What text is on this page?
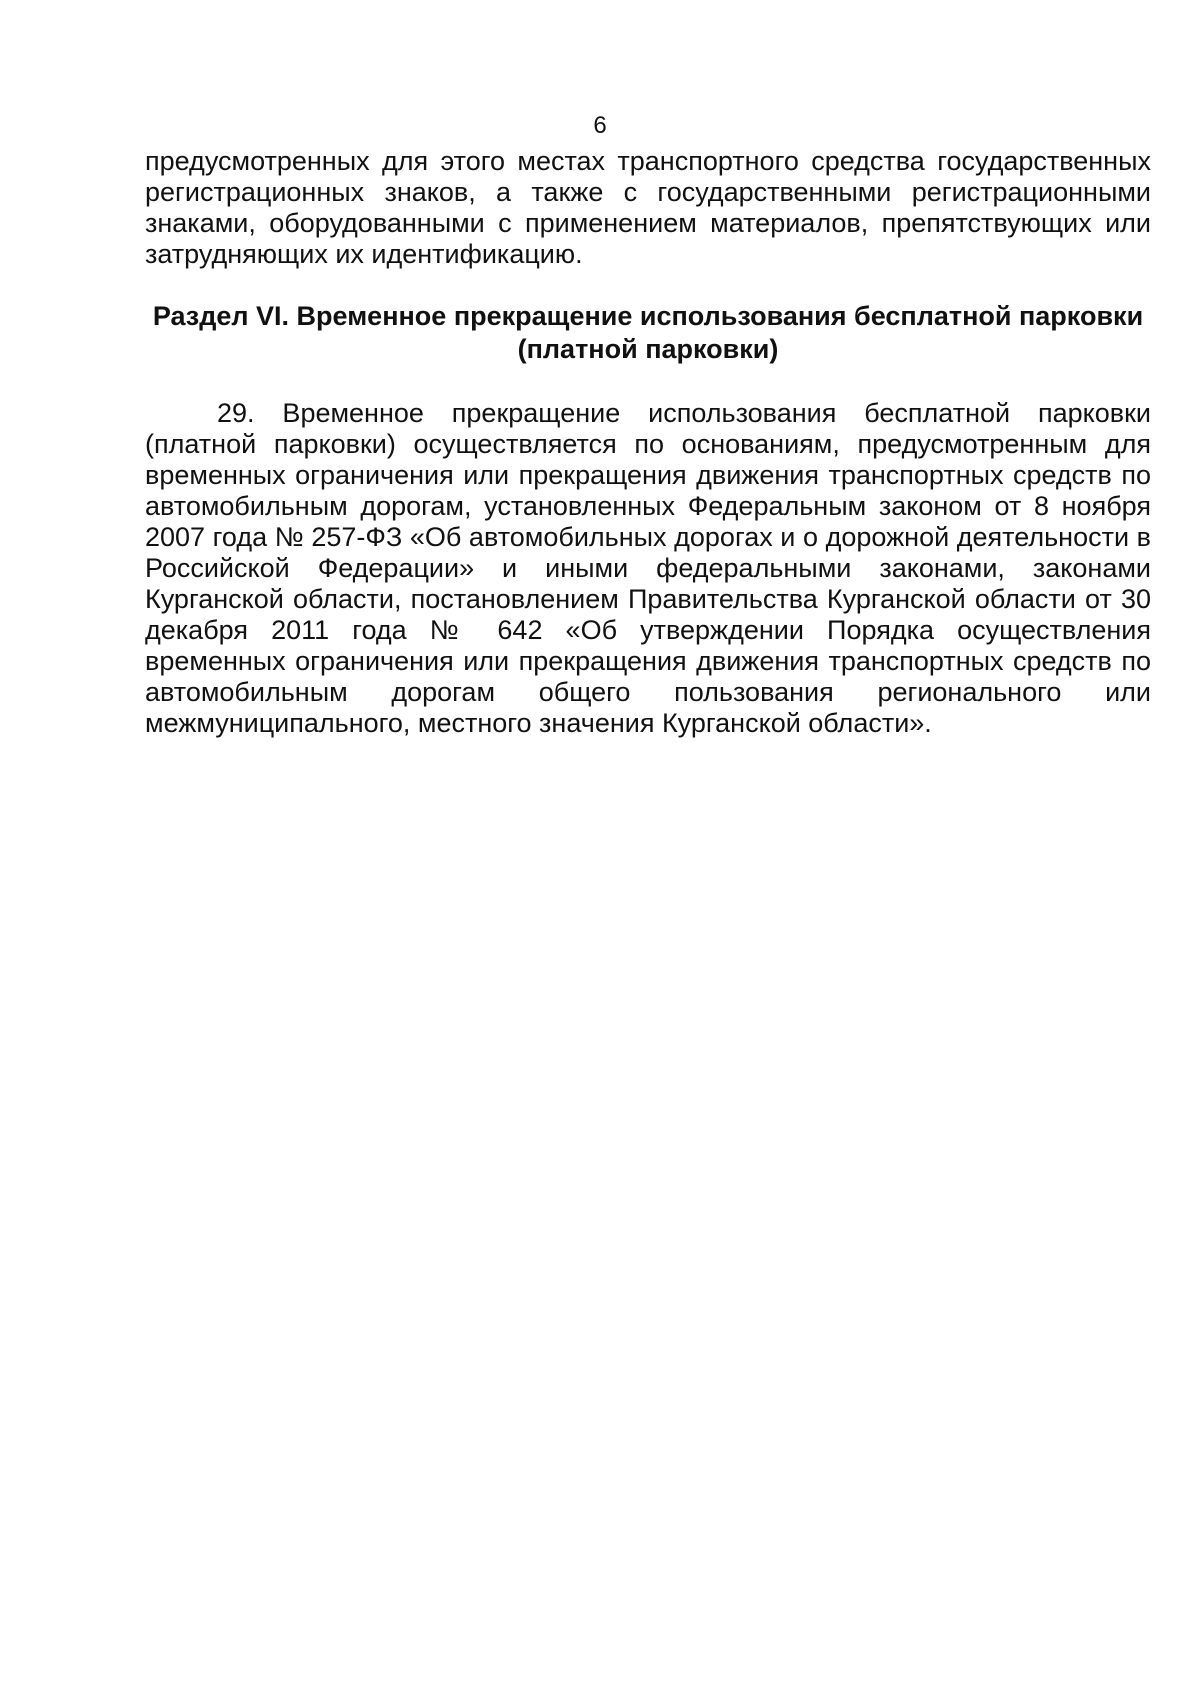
6

предусмотренных для этого местах транспортного средства государственных регистрационных знаков, а также с государственными регистрационными знаками, оборудованными с применением материалов, препятствующих или затрудняющих их идентификацию.

Раздел VI. Временное прекращение использования бесплатной парковки (платной парковки)

29. Временное прекращение использования бесплатной парковки (платной парковки) осуществляется по основаниям, предусмотренным для временных ограничения или прекращения движения транспортных средств по автомобильным дорогам, установленных Федеральным законом от 8 ноября 2007 года № 257-ФЗ «Об автомобильных дорогах и о дорожной деятельности в Российской Федерации» и иными федеральными законами, законами Курганской области, постановлением Правительства Курганской области от 30 декабря 2011 года № 642 «Об утверждении Порядка осуществления временных ограничения или прекращения движения транспортных средств по автомобильным дорогам общего пользования регионального или межмуниципального, местного значения Курганской области».
